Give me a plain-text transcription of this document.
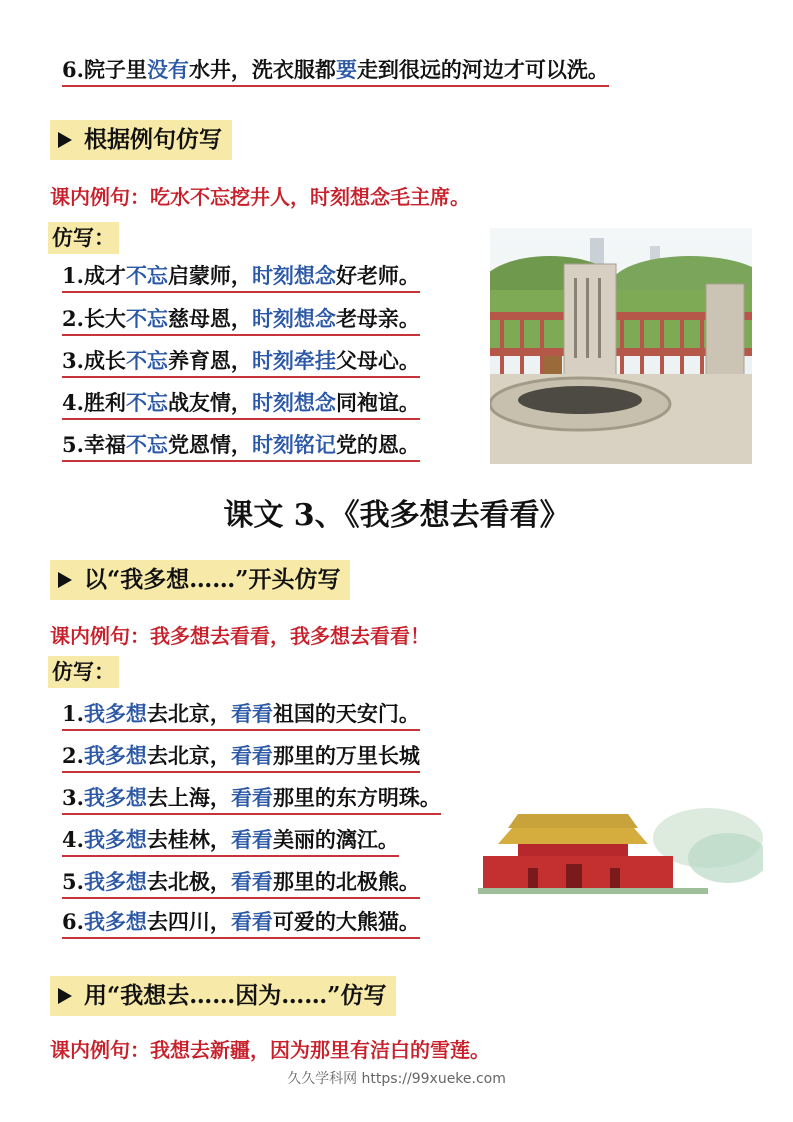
6.院子里没有水井，洗衣服都要走到很远的河边才可以洗。
根据例句仿写
课内例句：吃水不忘挖井人，时刻想念毛主席。
仿写：
1.成才不忘启蒙师，时刻想念好老师。
2.长大不忘慈母恩，时刻想念老母亲。
3.成长不忘养育恩，时刻牵挂父母心。
4.胜利不忘战友情，时刻想念同袍谊。
5.幸福不忘党恩情，时刻铭记党的恩。
课文 3、《我多想去看看》
以“我多想……”开头仿写
课内例句：我多想去看看，我多想去看看！
仿写：
1.我多想去北京，看看祖国的天安门。
2.我多想去北京，看看那里的万里长城
3.我多想去上海，看看那里的东方明珠。
4.我多想去桂林，看看美丽的漓江。
5.我多想去北极，看看那里的北极熊。
6.我多想去四川，看看可爱的大熊猫。
用“我想去……因为……”仿写
课内例句：我想去新疆，因为那里有洁白的雪莲。
久久学科网 https://99xueke.com
